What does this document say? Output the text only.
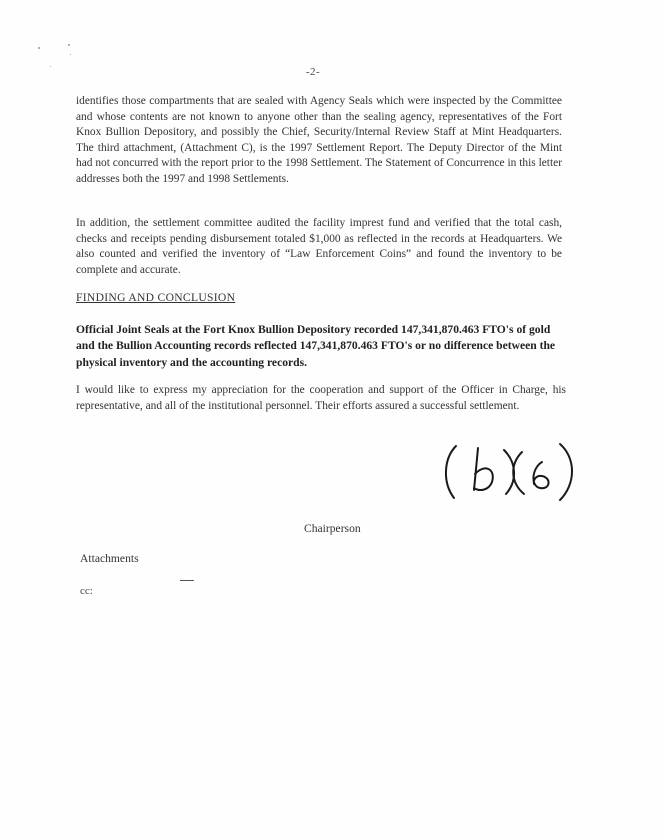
-2-

identifies those compartments that are sealed with Agency Seals which were inspected by the Committee and whose contents are not known to anyone other than the sealing agency, representatives of the Fort Knox Bullion Depository, and possibly the Chief, Security/Internal Review Staff at Mint Headquarters. The third attachment, (Attachment C), is the 1997 Settlement Report. The Deputy Director of the Mint had not concurred with the report prior to the 1998 Settlement. The Statement of Concurrence in this letter addresses both the 1997 and 1998 Settlements.

In addition, the settlement committee audited the facility imprest fund and verified that the total cash, checks and receipts pending disbursement totaled $1,000 as reflected in the records at Headquarters. We also counted and verified the inventory of “Law Enforcement Coins” and found the inventory to be complete and accurate.

FINDING AND CONCLUSION

Official Joint Seals at the Fort Knox Bullion Depository recorded 147,341,870.463 FTO's of gold and the Bullion Accounting records reflected 147,341,870.463 FTO's or no difference between the physical inventory and the accounting records.

I would like to express my appreciation for the cooperation and support of the Officer in Charge, his representative, and all of the institutional personnel. Their efforts assured a successful settlement.

Chairperson
Attachments
cc:
